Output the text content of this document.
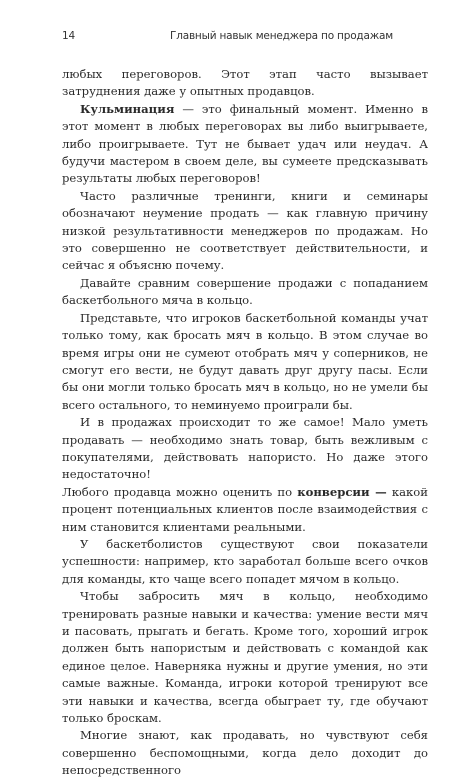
14	Главный навык менеджера по продажам

любых переговоров. Этот этап часто вызывает затруднения даже у опытных продавцов.

Кульминация — это финальный момент. Именно в этот момент в любых переговорах вы либо выигрываете, либо проигрываете. Тут не бывает удач или неудач. А будучи мастером в своем деле, вы сумеете предсказывать результаты любых переговоров!

Часто различные тренинги, книги и семинары обозначают неумение продать — как главную причину низкой результативности менеджеров по продажам. Но это совершенно не соответствует действительности, и сейчас я объясню почему.

Давайте сравним совершение продажи с попаданием баскетбольного мяча в кольцо.

Представьте, что игроков баскетбольной команды учат только тому, как бросать мяч в кольцо. В этом случае во время игры они не сумеют отобрать мяч у соперников, не смогут его вести, не будут давать друг другу пасы. Если бы они могли только бросать мяч в кольцо, но не умели бы всего остального, то неминуемо проиграли бы.

И в продажах происходит то же самое! Мало уметь продавать — необходимо знать товар, быть вежливым с покупателями, действовать напористо. Но даже этого недостаточно!

Любого продавца можно оценить по конверсии — какой процент потенциальных клиентов после взаимодействия с ним становится клиентами реальными.

У баскетболистов существуют свои показатели успешности: например, кто заработал больше всего очков для команды, кто чаще всего попадет мячом в кольцо.

Чтобы забросить мяч в кольцо, необходимо тренировать разные навыки и качества: умение вести мяч и пасовать, прыгать и бегать. Кроме того, хороший игрок должен быть напористым и действовать с командой как единое целое. Наверняка нужны и другие умения, но эти самые важные. Команда, игроки которой тренируют все эти навыки и качества, всегда обыграет ту, где обучают только броскам.

Многие знают, как продавать, но чувствуют себя совершенно беспомощными, когда дело доходит до непосредственного
